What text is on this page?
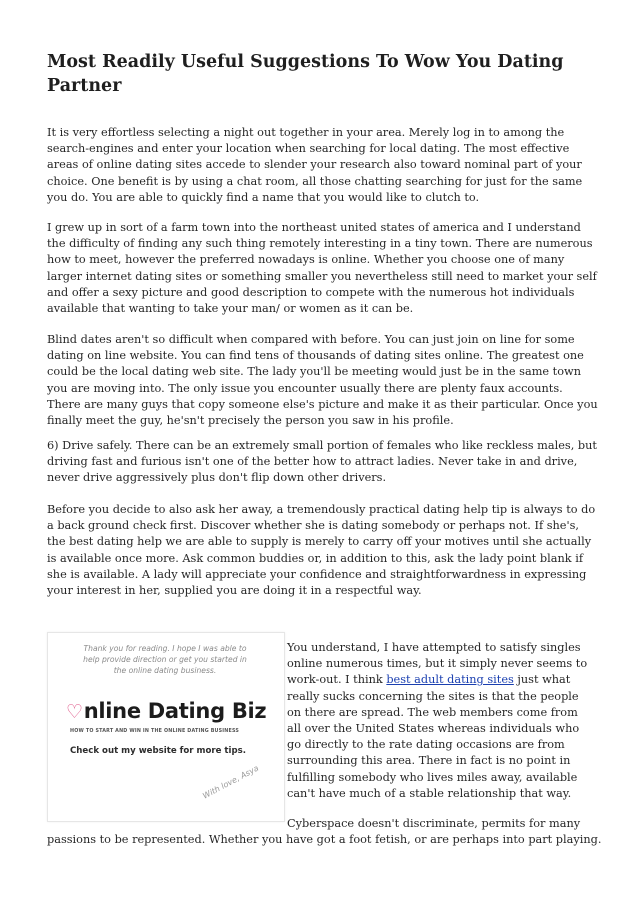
Most Readily Useful Suggestions To Wow You Dating Partner

It is very effortless selecting a night out together in your area. Merely log in to among the search-engines and enter your location when searching for local dating. The most effective areas of online dating sites accede to slender your research also toward nominal part of your choice. One benefit is by using a chat room, all those chatting searching for just for the same you do. You are able to quickly find a name that you would like to clutch to.

I grew up in sort of a farm town into the northeast united states of america and I understand the difficulty of finding any such thing remotely interesting in a tiny town. There are numerous how to meet, however the preferred nowadays is online. Whether you choose one of many larger internet dating sites or something smaller you nevertheless still need to market your self and offer a sexy picture and good description to compete with the numerous hot individuals available that wanting to take your man/ or women as it can be.

Blind dates aren't so difficult when compared with before. You can just join on line for some dating on line website. You can find tens of thousands of dating sites online. The greatest one could be the local dating web site. The lady you'll be meeting would just be in the same town you are moving into. The only issue you encounter usually there are plenty faux accounts. There are many guys that copy someone else's picture and make it as their particular. Once you finally meet the guy, he'sn't precisely the person you saw in his profile.

6) Drive safely. There can be an extremely small portion of females who like reckless males, but driving fast and furious isn't one of the better how to attract ladies. Never take in and drive, never drive aggressively plus don't flip down other drivers.

Before you decide to also ask her away, a tremendously practical dating help tip is always to do a back ground check first. Discover whether she is dating somebody or perhaps not. If she's, the best dating help we are able to supply is merely to carry off your motives until she actually is available once more. Ask common buddies or, in addition to this, ask the lady point blank if she is available. A lady will appreciate your confidence and straightforwardness in expressing your interest in her, supplied you are doing it in a respectful way.

Thank you for reading. I hope I was able to help provide direction or get you started in the online dating business.
♡nline Dating Biz
HOW TO START AND WIN IN THE ONLINE DATING BUSINESS
Check out my website for more tips.
With love, Asya

You understand, I have attempted to satisfy singles online numerous times, but it simply never seems to work-out. I think best adult dating sites just what really sucks concerning the sites is that the people on there are spread. The web members come from all over the United States whereas individuals who go directly to the rate dating occasions are from surrounding this area. There in fact is no point in fulfilling somebody who lives miles away, available can't have much of a stable relationship that way.

Cyberspace doesn't discriminate, permits for many

passions to be represented. Whether you have got a foot fetish, or are perhaps into part playing.
